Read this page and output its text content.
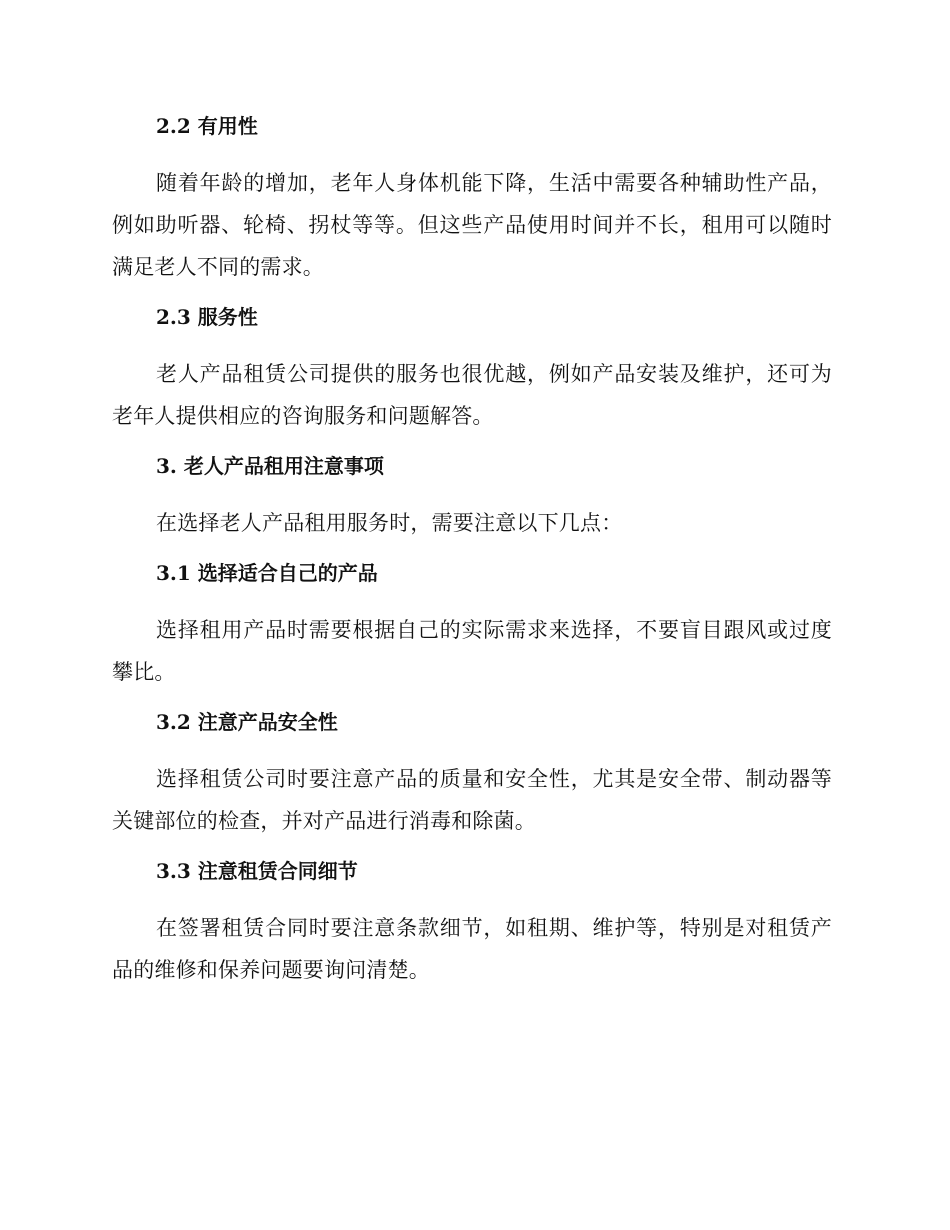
2.2 有用性

随着年龄的增加，老年人身体机能下降，生活中需要各种辅助性产品，例如助听器、轮椅、拐杖等等。但这些产品使用时间并不长，租用可以随时满足老人不同的需求。

2.3 服务性

老人产品租赁公司提供的服务也很优越，例如产品安装及维护，还可为老年人提供相应的咨询服务和问题解答。

3. 老人产品租用注意事项

在选择老人产品租用服务时，需要注意以下几点：

3.1 选择适合自己的产品

选择租用产品时需要根据自己的实际需求来选择，不要盲目跟风或过度攀比。

3.2 注意产品安全性

选择租赁公司时要注意产品的质量和安全性，尤其是安全带、制动器等关键部位的检查，并对产品进行消毒和除菌。

3.3 注意租赁合同细节

在签署租赁合同时要注意条款细节，如租期、维护等，特别是对租赁产品的维修和保养问题要询问清楚。
